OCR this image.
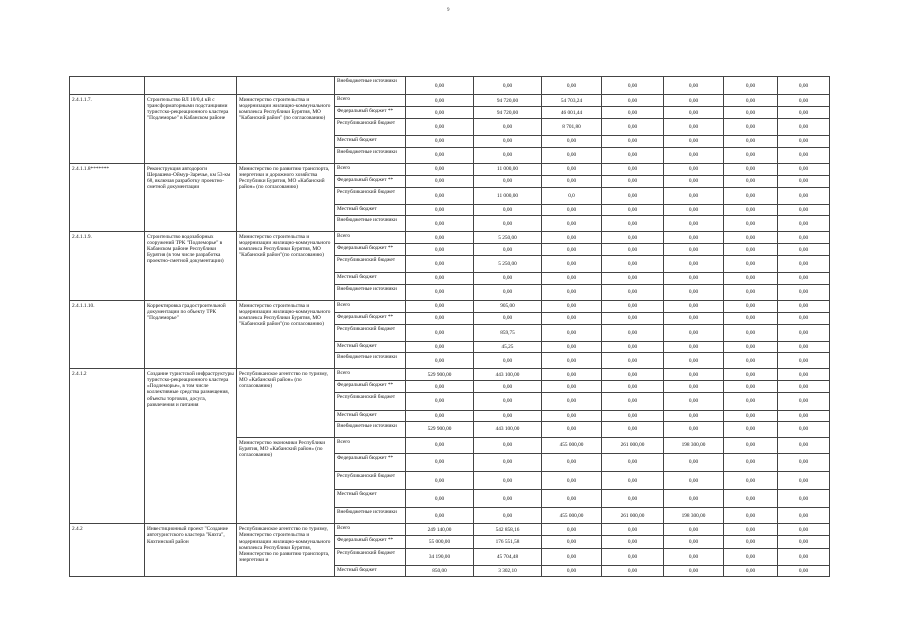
9
			Внебюджетные источники	0,00	0,00	0,00	0,00	0,00	0,00	0,00
2.4.1.1.7.	Строительство ВЛ 10/0,4 кВ с трансформаторными подстанциями туристско-рекреационного кластера "Подлеморье" в Кабанском районе	Министерство строительства и модернизации жилищно-коммунального комплекса Республики Бурятия, МО "Кабанский район" (по согласованию)	Всего	0,00	94 720,00	54 703,24	0,00	0,00	0,00	0,00
			Федеральный бюджет **	0,00	94 720,00	46 001,44	0,00	0,00	0,00	0,00
			Республиканский бюджет	0,00	0,00	8 701,80	0,00	0,00	0,00	0,00
			Местный бюджет	0,00	0,00	0,00	0,00	0,00	0,00	0,00
			Внебюджетные источники	0,00	0,00	0,00	0,00	0,00	0,00	0,00
2.4.1.1.8*******	Реконструкция автодороги Шерашево-Оймур-Заречье, км 53-км 68, включая разработку проектно-сметной документации	Министерство по развитию транспорта, энергетики и дорожного хозяйства Республики Бурятия, МО «Кабанский район» (по согласованию)	Всего	0,00	11 000,00	0,00	0,00	0,00	0,00	0,00
			Федеральный бюджет **	0,00	0,00	0,00	0,00	0,00	0,00	0,00
			Республиканский бюджет	0,00	11 000,00	0,0	0,00	0,00	0,00	0,00
			Местный бюджет	0,00	0,00	0,00	0,00	0,00	0,00	0,00
			Внебюджетные источники	0,00	0,00	0,00	0,00	0,00	0,00	0,00
2.4.1.1.9.	Строительство водозаборных сооружений ТРК "Подлеморье" в Кабанском районе Республики Бурятия (в том числе разработка проектно-сметной документации)	Министерство строительства и модернизации жилищно-коммунального комплекса Республики Бурятия, МО "Кабанский район"(по согласованию)	Всего	0,00	5 250,00	0,00	0,00	0,00	0,00	0,00
			Федеральный бюджет **	0,00	0,00	0,00	0,00	0,00	0,00	0,00
			Республиканский бюджет	0,00	5 250,00	0,00	0,00	0,00	0,00	0,00
			Местный бюджет	0,00	0,00	0,00	0,00	0,00	0,00	0,00
			Внебюджетные источники	0,00	0,00	0,00	0,00	0,00	0,00	0,00
2.4.1.1.10.	Корректировка градостроительной документации по объекту ТРК "Подлеморье"	Министерство строительства и модернизации жилищно-коммунального комплекса Республики Бурятия, МО "Кабанский район"(по согласованию)	Всего	0,00	905,00	0,00	0,00	0,00	0,00	0,00
			Федеральный бюджет **	0,00	0,00	0,00	0,00	0,00	0,00	0,00
			Республиканский бюджет	0,00	859,75	0,00	0,00	0,00	0,00	0,00
			Местный бюджет	0,00	45,25	0,00	0,00	0,00	0,00	0,00
			Внебюджетные источники	0,00	0,00	0,00	0,00	0,00	0,00	0,00
2.4.1.2	Создание туристской инфраструктуры туристско-рекреационного кластера «Подлеморье», в том числе коллективные средства размещения, объекты торговли, досуга, развлечения и питания	Республиканское агентство по туризму, МО «Кабанский район» (по согласованию)	Всего	529 900,00	443 100,00	0,00	0,00	0,00	0,00	0,00
			Федеральный бюджет **	0,00	0,00	0,00	0,00	0,00	0,00	0,00
			Республиканский бюджет	0,00	0,00	0,00	0,00	0,00	0,00	0,00
			Местный бюджет	0,00	0,00	0,00	0,00	0,00	0,00	0,00
			Внебюджетные источники	529 900,00	443 100,00	0,00	0,00	0,00	0,00	0,00
		Министерство экономики Республики Бурятия, МО «Кабанский район» (по согласованию)	Всего	0,00	0,00	455 000,00	261 000,00	198 300,00	0,00	0,00
			Федеральный бюджет **	0,00	0,00	0,00	0,00	0,00	0,00	0,00
			Республиканский бюджет	0,00	0,00	0,00	0,00	0,00	0,00	0,00
			Местный бюджет	0,00	0,00	0,00	0,00	0,00	0,00	0,00
			Внебюджетные источники	0,00	0,00	455 000,00	261 000,00	198 300,00	0,00	0,00
2.4.2	Инвестиционный проект "Создание автотуристского кластера "Кяхта", Кяхтинский район	Республиканское агентство по туризму, Министерство строительства и модернизации жилищно-коммунального комплекса Республики Бурятия, Министерство по развитию транспорта, энергетики и	Всего	249 140,00	542 858,16	0,00	0,00	0,00	0,00	0,00
			Федеральный бюджет **	55 000,00	176 551,58	0,00	0,00	0,00	0,00	0,00
			Республиканский бюджет	34 190,00	45 704,48	0,00	0,00	0,00	0,00	0,00
			Местный бюджет	850,00	3 302,10	0,00	0,00	0,00	0,00	0,00
